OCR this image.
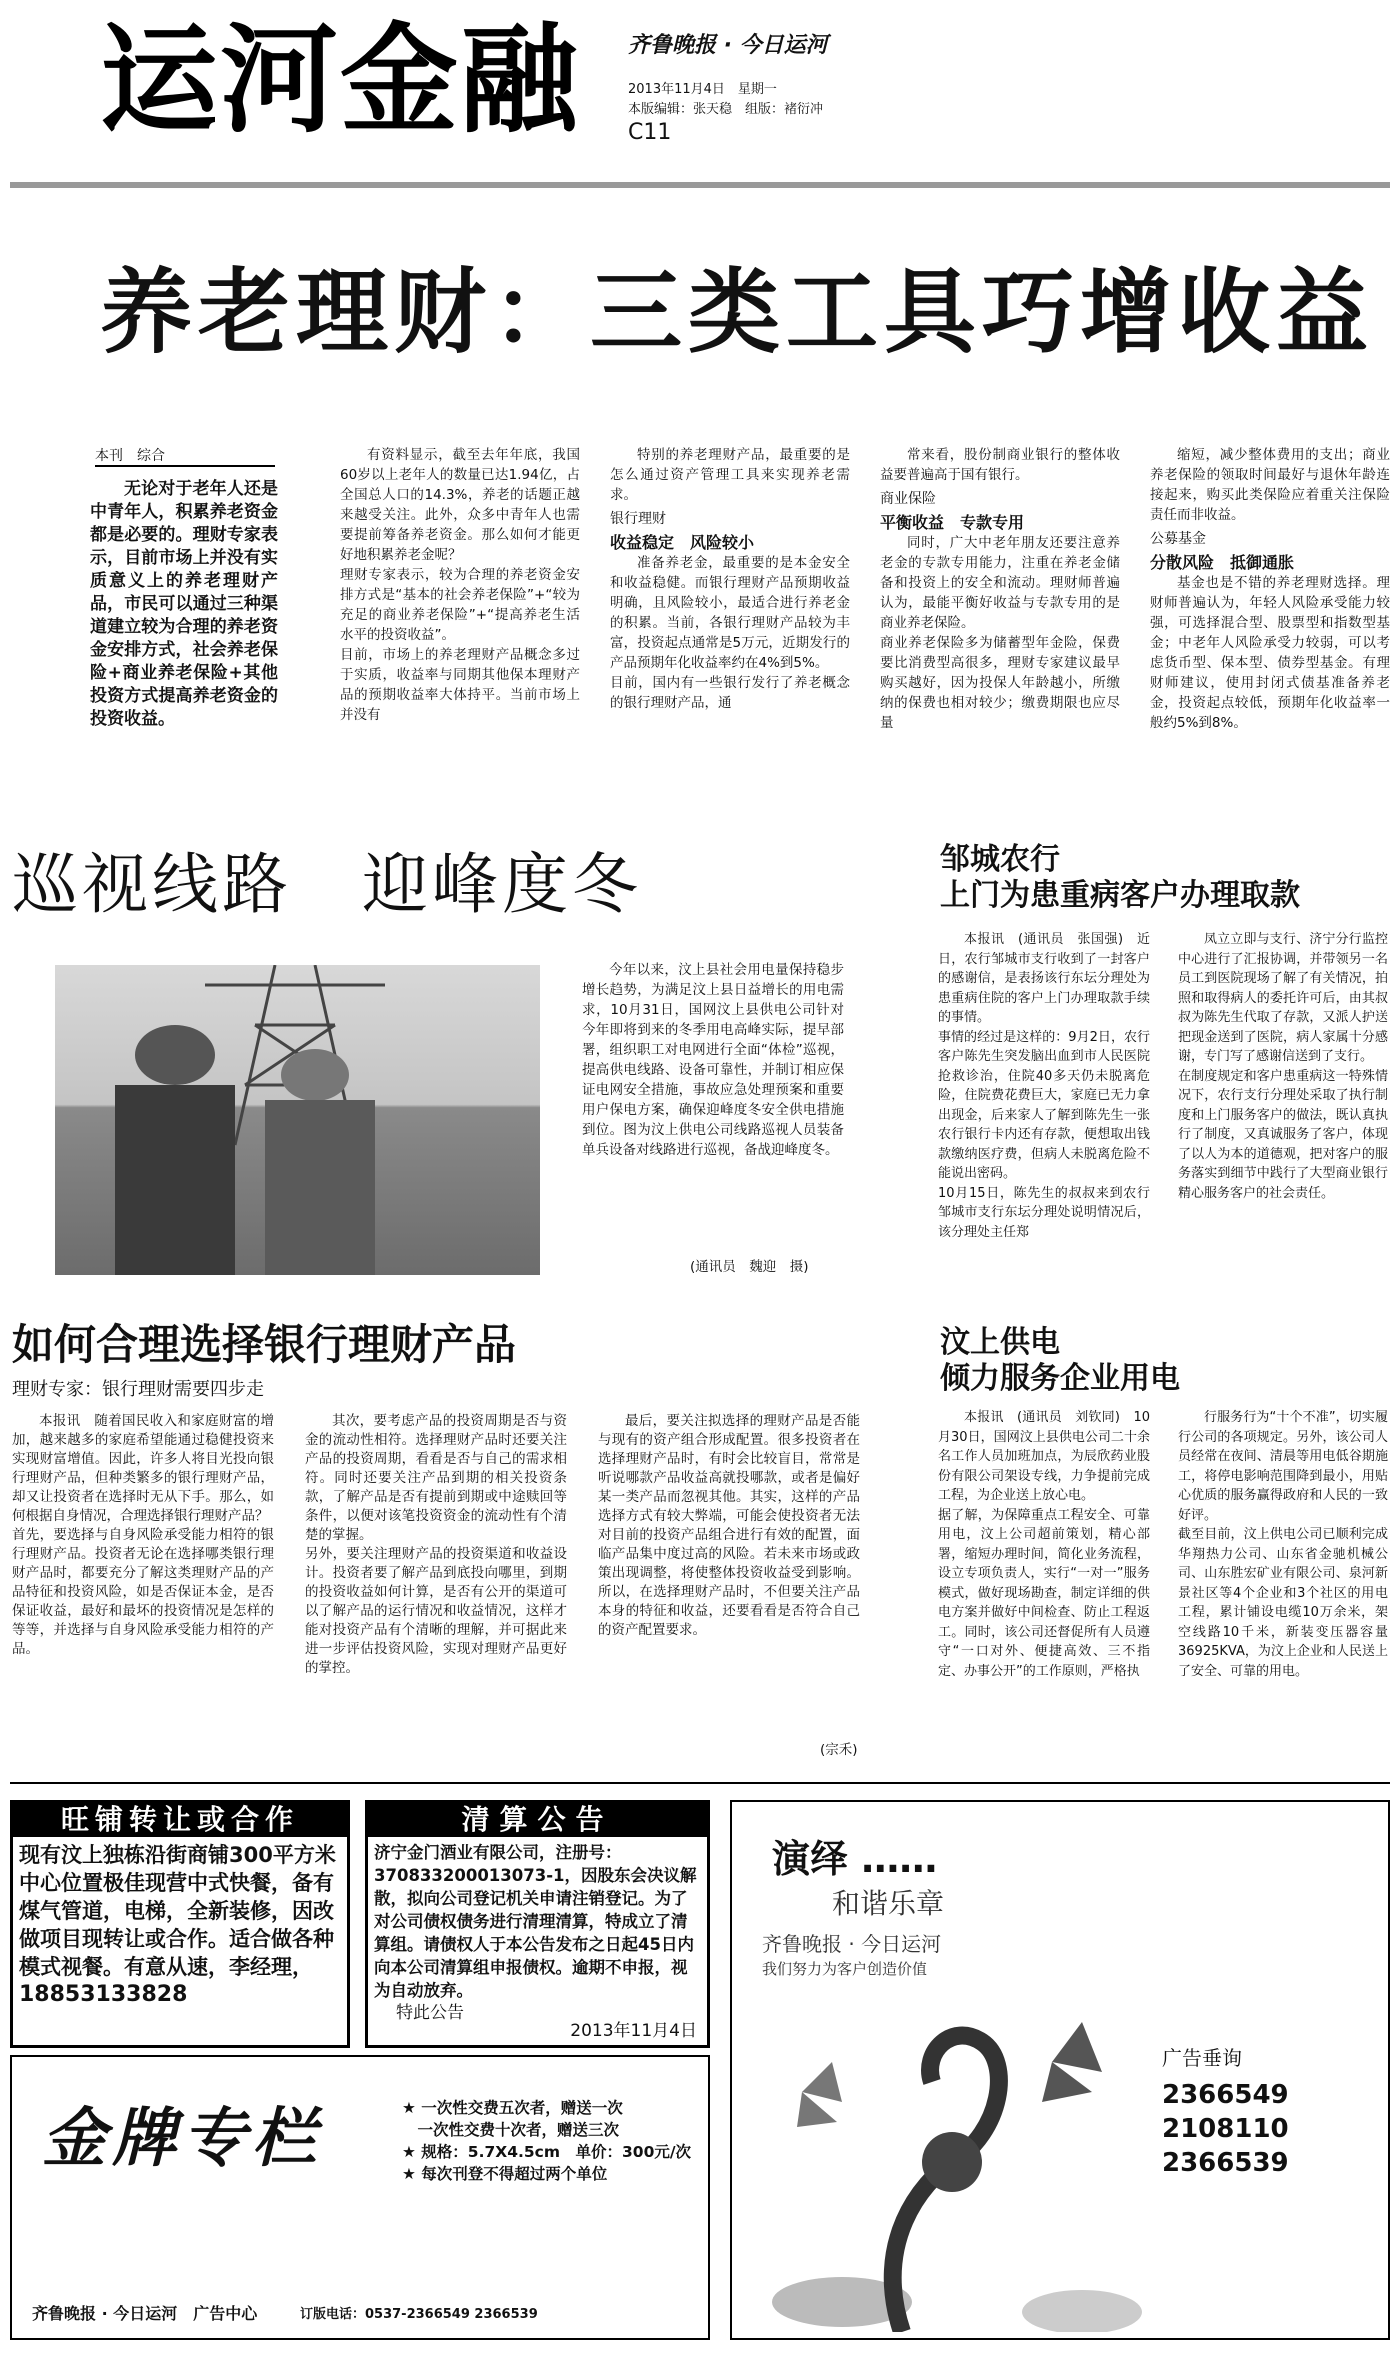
运河金融 齐鲁晚报 · 今日运河
2013年11月4日　星期一
本版编辑：张天稳　组版：褚衍冲
C11
养老理财：三类工具巧增收益
本刊　综合

无论对于老年人还是中青年人，积累养老资金都是必要的。理财专家表示，目前市场上并没有实质意义上的养老理财产品，市民可以通过三种渠道建立较为合理的养老资金安排方式，社会养老保险+商业养老保险+其他投资方式提高养老资金的投资收益。

有资料显示，截至去年年底，我国60岁以上老年人的数量已达1.94亿，占全国总人口的14.3%，养老的话题正越来越受关注。此外，众多中青年人也需要提前筹备养老资金。那么如何才能更好地积累养老金呢？
理财专家表示，较为合理的养老资金安排方式是“基本的社会养老保险”+“较为充足的商业养老保险”+“提高养老生活水平的投资收益”。
目前，市场上的养老理财产品概念多过于实质，收益率与同期其他保本理财产品的预期收益率大体持平。当前市场上并没有

特别的养老理财产品，最重要的是怎么通过资产管理工具来实现养老需求。

银行理财
收益稳定　风险较小

准备养老金，最重要的是本金安全和收益稳健。而银行理财产品预期收益明确，且风险较小，最适合进行养老金的积累。当前，各银行理财产品较为丰富，投资起点通常是5万元，近期发行的产品预期年化收益率约在4%到5%。
目前，国内有一些银行发行了养老概念的银行理财产品，通

常来看，股份制商业银行的整体收益要普遍高于国有银行。

商业保险
平衡收益　专款专用

同时，广大中老年朋友还要注意养老金的专款专用能力，注重在养老金储备和投资上的安全和流动。理财师普遍认为，最能平衡好收益与专款专用的是商业养老保险。
商业养老保险多为储蓄型年金险，保费要比消费型高很多，理财专家建议最早购买越好，因为投保人年龄越小，所缴纳的保费也相对较少；缴费期限也应尽量

缩短，减少整体费用的支出；商业养老保险的领取时间最好与退休年龄连接起来，购买此类保险应着重关注保险责任而非收益。

公募基金
分散风险　抵御通胀

基金也是不错的养老理财选择。理财师普遍认为，年轻人风险承受能力较强，可选择混合型、股票型和指数型基金；中老年人风险承受力较弱，可以考虑货币型、保本型、债券型基金。有理财师建议，使用封闭式债基准备养老金，投资起点较低，预期年化收益率一般约5%到8%。

巡视线路　迎峰度冬

今年以来，汶上县社会用电量保持稳步增长趋势，为满足汶上县日益增长的用电需求，10月31日，国网汶上县供电公司针对今年即将到来的冬季用电高峰实际，提早部署，组织职工对电网进行全面“体检”巡视，提高供电线路、设备可靠性，并制订相应保证电网安全措施，事故应急处理预案和重要用户保电方案，确保迎峰度冬安全供电措施到位。图为汶上供电公司线路巡视人员装备单兵设备对线路进行巡视，备战迎峰度冬。

(通讯员　魏迎　摄)
邹城农行
上门为患重病客户办理取款

本报讯　(通讯员　张国强)　近日，农行邹城市支行收到了一封客户的感谢信，是表扬该行东坛分理处为患重病住院的客户上门办理取款手续的事情。
事情的经过是这样的：9月2日，农行客户陈先生突发脑出血到市人民医院抢救诊治，住院40多天仍未脱离危险，住院费花费巨大，家庭已无力拿出现金，后来家人了解到陈先生一张农行银行卡内还有存款，便想取出钱款缴纳医疗费，但病人未脱离危险不能说出密码。
10月15日，陈先生的叔叔来到农行邹城市支行东坛分理处说明情况后，该分理处主任郑

凤立立即与支行、济宁分行监控中心进行了汇报协调，并带领另一名员工到医院现场了解了有关情况，拍照和取得病人的委托许可后，由其叔叔为陈先生代取了存款，又派人护送把现金送到了医院，病人家属十分感谢，专门写了感谢信送到了支行。
在制度规定和客户患重病这一特殊情况下，农行支行分理处采取了执行制度和上门服务客户的做法，既认真执行了制度，又真诚服务了客户，体现了以人为本的道德观，把对客户的服务落实到细节中践行了大型商业银行精心服务客户的社会责任。

如何合理选择银行理财产品
理财专家：银行理财需要四步走

本报讯　随着国民收入和家庭财富的增加，越来越多的家庭希望能通过稳健投资来实现财富增值。因此，许多人将目光投向银行理财产品，但种类繁多的银行理财产品，却又让投资者在选择时无从下手。那么，如何根据自身情况，合理选择银行理财产品？
首先，要选择与自身风险承受能力相符的银行理财产品。投资者无论在选择哪类银行理财产品时，都要充分了解这类理财产品的产品特征和投资风险，如是否保证本金，是否保证收益，最好和最坏的投资情况是怎样的等等，并选择与自身风险承受能力相符的产品。

其次，要考虑产品的投资周期是否与资金的流动性相符。选择理财产品时还要关注产品的投资周期，看看是否与自己的需求相符。同时还要关注产品到期的相关投资条款，了解产品是否有提前到期或中途赎回等条件，以便对该笔投资资金的流动性有个清楚的掌握。
另外，要关注理财产品的投资渠道和收益设计。投资者要了解产品到底投向哪里，到期的投资收益如何计算，是否有公开的渠道可以了解产品的运行情况和收益情况，这样才能对投资产品有个清晰的理解，并可据此来进一步评估投资风险，实现对理财产品更好的掌控。

最后，要关注拟选择的理财产品是否能与现有的资产组合形成配置。很多投资者在选择理财产品时，有时会比较盲目，常常是听说哪款产品收益高就投哪款，或者是偏好某一类产品而忽视其他。其实，这样的产品选择方式有较大弊端，可能会使投资者无法对目前的投资产品组合进行有效的配置，面临产品集中度过高的风险。若未来市场或政策出现调整，将使整体投资收益受到影响。所以，在选择理财产品时，不但要关注产品本身的特征和收益，还要看看是否符合自己的资产配置要求。

(宗禾)
汶上供电
倾力服务企业用电

本报讯　(通讯员　刘钦同)　10月30日，国网汶上县供电公司二十余名工作人员加班加点，为辰欣药业股份有限公司架设专线，力争提前完成工程，为企业送上放心电。
据了解，为保障重点工程安全、可靠用电，汶上公司超前策划，精心部署，缩短办理时间，简化业务流程，设立专项负责人，实行“一对一”服务模式，做好现场勘查，制定详细的供电方案并做好中间检查、防止工程返工。同时，该公司还督促所有人员遵守“一口对外、便捷高效、三不指定、办事公开”的工作原则，严格执

行服务行为“十个不准”，切实履行公司的各项规定。另外，该公司人员经常在夜间、清晨等用电低谷期施工，将停电影响范围降到最小，用贴心优质的服务赢得政府和人民的一致好评。
截至目前，汶上供电公司已顺利完成华翔热力公司、山东省金驰机械公司、山东胜宏矿业有限公司、泉河新景社区等4个企业和3个社区的用电工程，累计铺设电缆10万余米，架空线路10千米，新装变压器容量36925KVA，为汶上企业和人民送上了安全、可靠的用电。

旺铺转让或合作
现有汶上独栋沿街商铺300平方米中心位置极佳现营中式快餐，备有煤气管道，电梯，全新装修，因改做项目现转让或合作。适合做各种模式视餐。有意从速，李经理，
18853133828
清算公告
济宁金门酒业有限公司，注册号：370833200013073-1，因股东会决议解散，拟向公司登记机关申请注销登记。为了对公司债权债务进行清理清算，特成立了清算组。请债权人于本公告发布之日起45日内向本公司清算组申报债权。逾期不申报，视为自动放弃。
特此公告
2013年11月4日
金牌专栏	★ 一次性交费五次者，赠送一次
　一次性交费十次者，赠送三次
★ 规格：5.7X4.5cm　单价：300元/次
★ 每次刊登不得超过两个单位
齐鲁晚报 · 今日运河　广告中心	订版电话：0537-2366549 2366539
演绎 ……
和谐乐章
齐鲁晚报 · 今日运河
我们努力为客户创造价值
广告垂询
2366549
2108110
2366539
